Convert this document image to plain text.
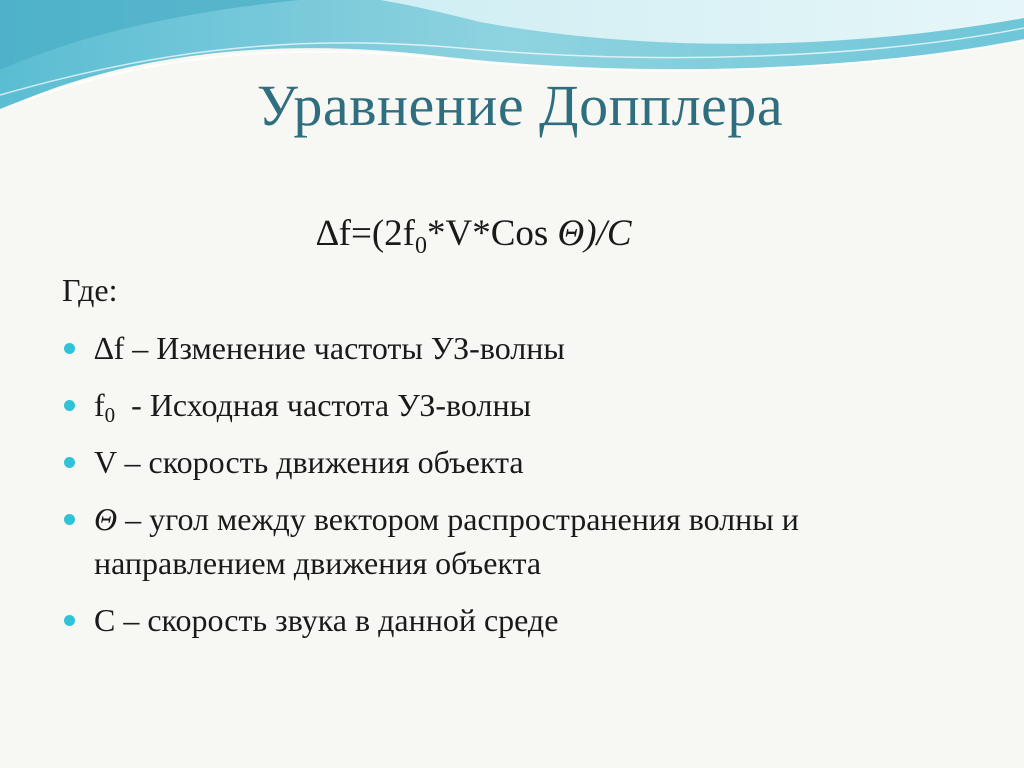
Уравнение Допплера
$\Delta f=(2f_0*V*Cos$ Θ)/C
Где:
∆f – Изменение частоты УЗ-волны
$f_0$  - Исходная частота УЗ-волны
V – скорость движения объекта
Θ – угол между вектором распространения волны и направлением движения объекта
C – скорость звука в данной среде
